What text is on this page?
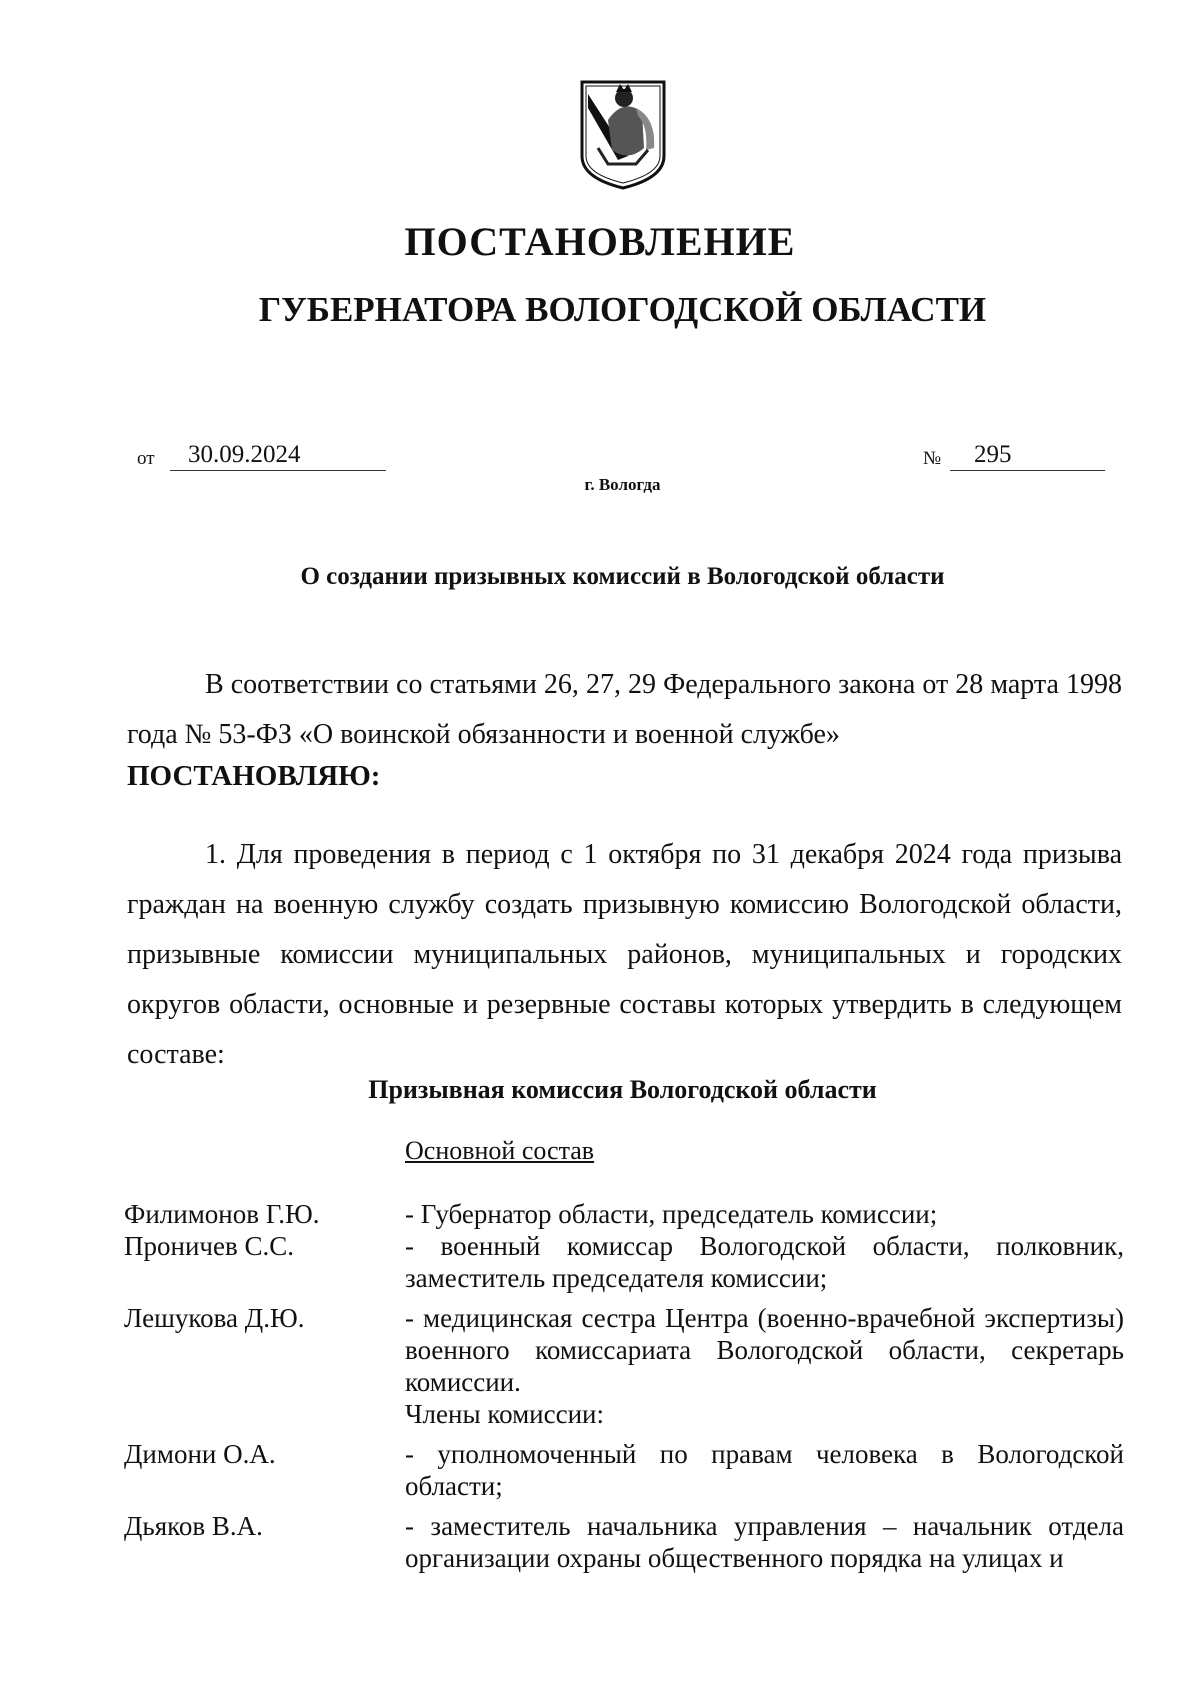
ПОСТАНОВЛЕНИЕ
ГУБЕРНАТОРА ВОЛОГОДСКОЙ ОБЛАСТИ
от	30.09.2024	№	295
г. Вологда
О создании призывных комиссий в Вологодской области
В соответствии со статьями 26, 27, 29 Федерального закона от 28 марта 1998 года № 53-ФЗ «О воинской обязанности и военной службе»
ПОСТАНОВЛЯЮ:
1. Для проведения в период с 1 октября по 31 декабря 2024 года призыва граждан на военную службу создать призывную комиссию Вологодской области, призывные комиссии муниципальных районов, муниципальных и городских округов области, основные и резервные составы которых утвердить в следующем составе:
Призывная комиссия Вологодской области
Основной состав
Филимонов Г.Ю.	- Губернатор области, председатель комиссии;
Проничев С.С.	- военный комиссар Вологодской области, полковник, заместитель председателя комиссии;
Лешукова Д.Ю.	- медицинская сестра Центра (военно-врачебной экспертизы) военного комиссариата Вологодской области, секретарь комиссии.
Члены комиссии:
Димони О.А.	- уполномоченный по правам человека в Вологодской области;
Дьяков В.А.	- заместитель начальника управления – начальник отдела организации охраны общественного порядка на улицах и
